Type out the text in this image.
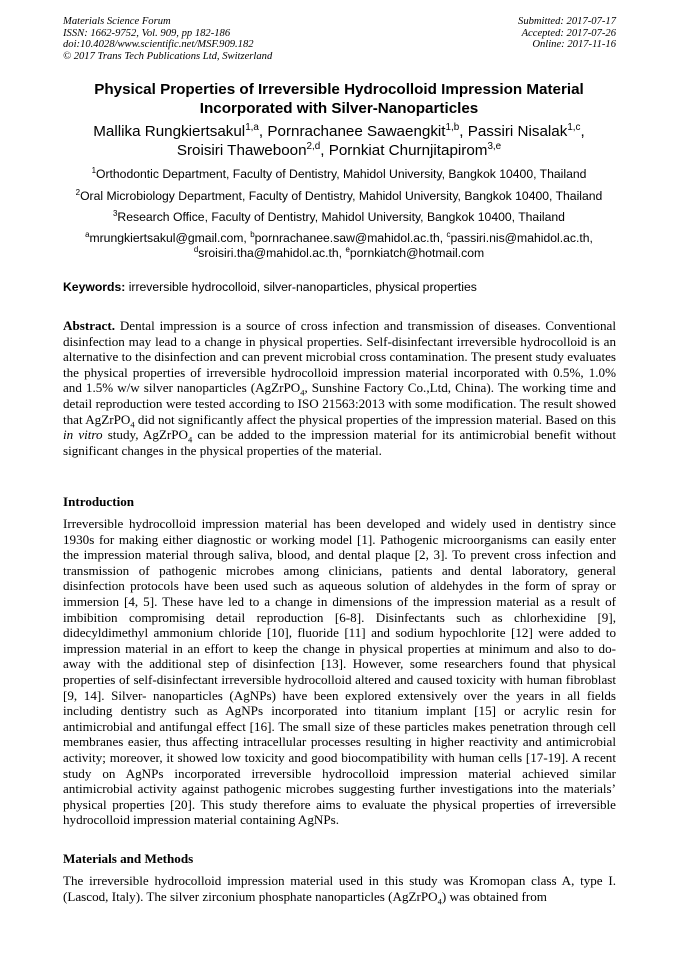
Materials Science Forum
ISSN: 1662-9752, Vol. 909, pp 182-186
doi:10.4028/www.scientific.net/MSF.909.182
© 2017 Trans Tech Publications Ltd, Switzerland
Submitted: 2017-07-17
Accepted: 2017-07-26
Online: 2017-11-16
Physical Properties of Irreversible Hydrocolloid Impression Material
Incorporated with Silver-Nanoparticles
Mallika Rungkiertsakul$^{1,a}$, Pornrachanee Sawaengkit$^{1,b}$, Passiri Nisalak$^{1,c}$,
Sroisiri Thaweboon$^{2,d}$, Pornkiat Churnjitapirom$^{3,e}$
$^1$Orthodontic Department, Faculty of Dentistry, Mahidol University, Bangkok 10400, Thailand
$^2$Oral Microbiology Department, Faculty of Dentistry, Mahidol University, Bangkok 10400, Thailand
$^3$Research Office, Faculty of Dentistry, Mahidol University, Bangkok 10400, Thailand
$^a$mrungkiertsakul@gmail.com, $^b$pornrachanee.saw@mahidol.ac.th, $^c$passiri.nis@mahidol.ac.th,
$^d$sroisiri.tha@mahidol.ac.th, $^e$pornkiatch@hotmail.com
Keywords: irreversible hydrocolloid, silver-nanoparticles, physical properties
Abstract. Dental impression is a source of cross infection and transmission of diseases. Conventional disinfection may lead to a change in physical properties. Self-disinfectant irreversible hydrocolloid is an alternative to the disinfection and can prevent microbial cross contamination. The present study evaluates the physical properties of irreversible hydrocolloid impression material incorporated with 0.5%, 1.0% and 1.5% w/w silver nanoparticles (AgZrPO$_4$, Sunshine Factory Co.,Ltd, China). The working time and detail reproduction were tested according to ISO 21563:2013 with some modification. The result showed that AgZrPO$_4$ did not significantly affect the physical properties of the impression material. Based on this in vitro study, AgZrPO$_4$ can be added to the impression material for its antimicrobial benefit without significant changes in the physical properties of the material.
Introduction
Irreversible hydrocolloid impression material has been developed and widely used in dentistry since 1930s for making either diagnostic or working model [1]. Pathogenic microorganisms can easily enter the impression material through saliva, blood, and dental plaque [2, 3]. To prevent cross infection and transmission of pathogenic microbes among clinicians, patients and dental laboratory, general disinfection protocols have been used such as aqueous solution of aldehydes in the form of spray or immersion [4, 5]. These have led to a change in dimensions of the impression material as a result of imbibition compromising detail reproduction [6-8]. Disinfectants such as chlorhexidine [9], didecyldimethyl ammonium chloride [10], fluoride [11] and sodium hypochlorite [12] were added to impression material in an effort to keep the change in physical properties at minimum and also to do-away with the additional step of disinfection [13]. However, some researchers found that physical properties of self-disinfectant irreversible hydrocolloid altered and caused toxicity with human fibroblast [9, 14]. Silver- nanoparticles (AgNPs) have been explored extensively over the years in all fields including dentistry such as AgNPs incorporated into titanium implant [15] or acrylic resin for antimicrobial and antifungal effect [16]. The small size of these particles makes penetration through cell membranes easier, thus affecting intracellular processes resulting in higher reactivity and antimicrobial activity; moreover, it showed low toxicity and good biocompatibility with human cells [17-19]. A recent study on AgNPs incorporated irreversible hydrocolloid impression material achieved similar antimicrobial activity against pathogenic microbes suggesting further investigations into the materials’ physical properties [20]. This study therefore aims to evaluate the physical properties of irreversible hydrocolloid impression material containing AgNPs.
Materials and Methods
The irreversible hydrocolloid impression material used in this study was Kromopan class A, type I. (Lascod, Italy). The silver zirconium phosphate nanoparticles (AgZrPO$_4$) was obtained from
